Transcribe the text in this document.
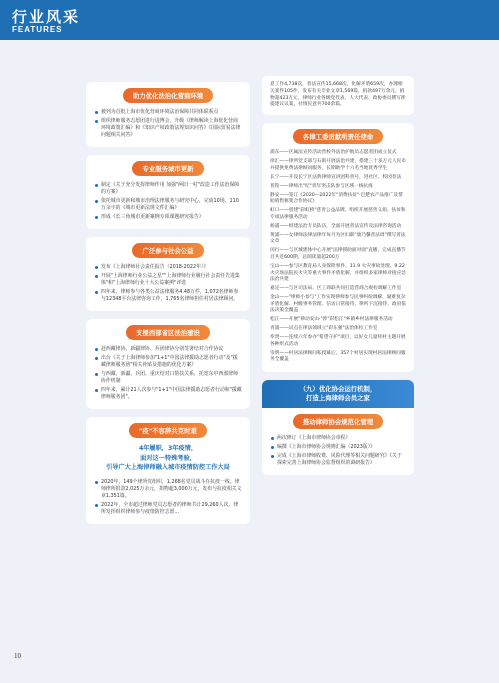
行业风采
FEATURES
助力优化法治化营商环境
被列为首批上海市优化营商环境法治保障共同体联系点
组织律师服务志愿团进行进博会，升级《律师解读上海优化营商环境政策汇编》和《知识产权政策法规知识问答》《国际贸易法律问题相关问答》
专业服务城市更新
制定《关于充分发挥律师作用 加强"两旧一村"改造工作法治保障的方案》
依托城市更新和城市治理法律服务与研究中心，完成10场、110万余字的《城市更新法规文件汇编》
形成《长三角城市更新案例专项课题研究报告》
广泛参与社会公益
发布《上海律师社会责任报告（2018-2022年）》
开展"上海律师行业公益之星""上海律师行业履行社会责任先进集体"和"上海律师行业十大公益案例"评选
四年来，律师参与各类公益法律服务4.48万件，1,072名律师参与12348平台法律咨询工作，1,765名律师担任村居法律顾问。
支援西部省区法治建设
赴西藏律协、新疆律协、兵团律协分别签署结对合作协议
出台《关于上海律师参加"1+1"中国法律援助志愿者行动"及"援藏律师服务团"相关补贴及措施的优化方案》
与西藏、新疆、兵团、重庆结对口帮扶关系，托宽东中西部律师协作机制
四年来，累计21人次参与"1+1"中国法律援助志愿者行动和"援藏律师服务团"。
"疫"不容辞共克时艰
4年履职，3年疫情，
面对这一特殊考验，
引导广大上海律师融入城市疫情防控工作大局
2020年，149个律所党组织，1,268名党员战斗在抗疫一线。律师律所捐款2,025万余元，捐物超3,000万元，发布与抗疫相关文章1,351篇。
2022年，全市超过律师党员志愿者的律师共计29,260人次，律所发挥组织律师参与疫情防控志愿...
息工作4,738次，普法宣传15,668次，化解矛盾659次，办理相关案件105件，发布有关专业文章1,569篇，捐款497万余元，捐物超423万元，律师行业各级党代表、人大代表、政协委员撰写涉提建议议案，社情民意共700余篇。
各律工委贡献所责任使命
浦东——区属法宣传活动营校外法治护航员志愿者团成立仪式
徐汇——律所党支部与石街开展法治共建，搭建三十多万元人民币并提供免费法律顾问服务，长期助学十六名当地优秀学生
长宁——开设长宁区法典律师宣讲团科普号，进社区、校园普法
普陀——律师出"纪"青年突击队参与区域一线抗疫
静安——签订《2020—2022年"消费扶贫"·巴楚农产品推广及帮助销售框架合作协议》
虹口——创建"彩虹桥"慈善公益品牌，组织开展慈善义捐、扶贫和专项法律服务活动
杨浦——组建法治专员队伍，全面开展普法宣传及法律咨询活动
黄浦——女律师法律法律年每月为区妇联"康乃馨普法周"撰写普法文章
闵行——与区城建体中心开展"法律援助面对面"直播，完成直播节目共近600期，总阅读量超200万
宝山——参与区教育局人身保险事件、11.9 火灾事故处理、9.22火灾场法院民火灾等重大事件矛盾化解，并组织多家律师对接应急法治共建
嘉定——与区司法局、区工商联共同打造营商合规检调解工作室
金山——"律师小参与"工作实现律师参与民事纠纷调解、疑难复杂矛盾化解、村级事务管理、信访日常接待、律所下沉接待、政府依法决策全覆盖
松江——开展"律动安山·"涉"彩松江"乡镇乡村法律服务活动
青浦——试点在律法领域立"彩东强"法治体检工作室
奉贤——连续六年参办"希望守护"项目，以好女儿量样村主题开展各种形式活动
崇明——村居法律顾问私授幕后，357个村居实现村居法律顾问服务全覆盖
（九）优化协会运行机制，
打造上海律师会员之家
推动律师协会规范化管理
两次修订《上海市律师协会章程》
编撰《上海市律师协会规则汇编（2023版）》
完成《上海市律师收费、风险代理等相关问题研究》《关于探索完善上海律师协会监督组织的调研报告》
10
